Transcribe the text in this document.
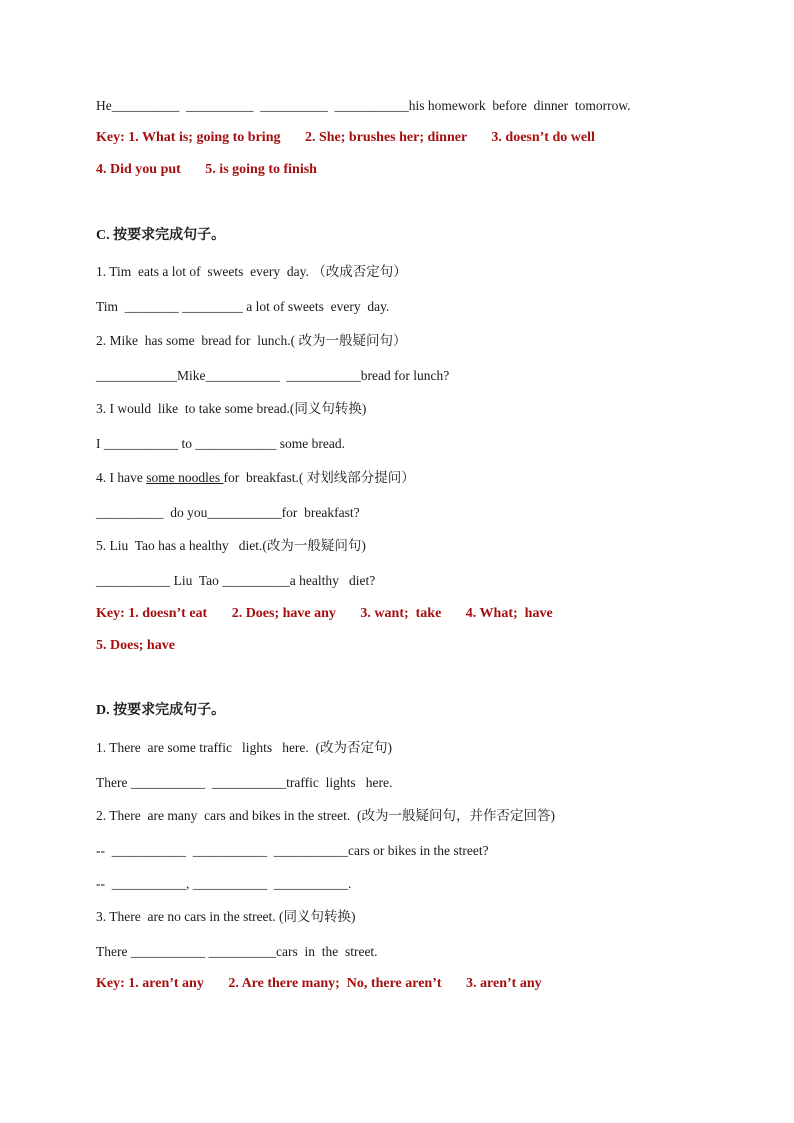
He__________  __________  __________  ___________his homework  before  dinner  tomorrow.

Key: 1. What is; going to bring       2. She; brushes her; dinner       3. doesn’t do well

4. Did you put       5. is going to finish

C. 按要求完成句子。

1. Tim  eats a lot of  sweets  every  day. （改成否定句）

Tim  ________ _________ a lot of sweets  every  day.

2. Mike  has some  bread for  lunch.( 改为一般疑问句）

____________Mike___________  ___________bread for lunch?

3. I would  like  to take some bread.(同义句转换)

I ___________ to ____________ some bread.

4. I have some noodles for  breakfast.( 对划线部分提问）

__________  do you___________for  breakfast?

5. Liu  Tao has a healthy   diet.(改为一般疑问句)

___________ Liu  Tao __________a healthy   diet?

Key: 1. doesn’t eat       2. Does; have any       3. want;  take       4. What;  have

5. Does; have

D. 按要求完成句子。

1. There  are some traffic   lights   here.  (改为否定句)

There ___________  ___________traffic  lights   here.

2. There  are many  cars and bikes in the street.  (改为一般疑问句，并作否定回答)

--  ___________  ___________  ___________cars or bikes in the street?

--  ___________, ___________  ___________.

3. There  are no cars in the street. (同义句转换)

There ___________ __________cars  in  the  street.

Key: 1. aren’t any       2. Are there many;  No, there aren’t       3. aren’t any
